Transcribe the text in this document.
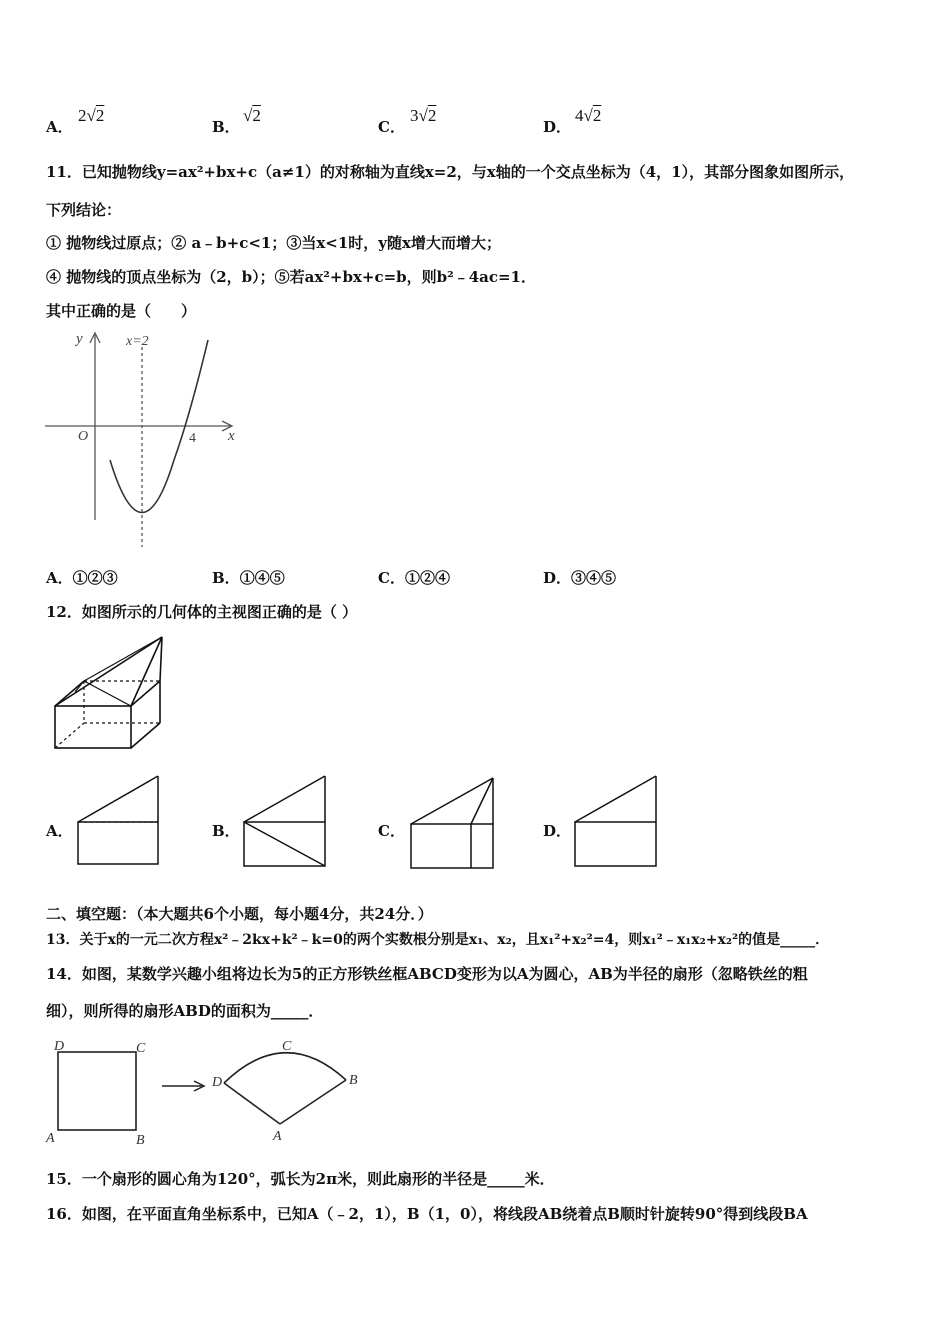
A．
2√2
B．
√2
C．
3√2
D．
4√2
11．已知抛物线y=ax²+bx+c（a≠1）的对称轴为直线x=2，与x轴的一个交点坐标为（4，1），其部分图象如图所示，
下列结论：
① 抛物线过原点；② a﹣b+c<1；③当x<1时，y随x增大而增大；
④ 抛物线的顶点坐标为（2，b）；⑤若ax²+bx+c=b，则b²﹣4ac=1．
其中正确的是（　　）
y	x=2
O	4 x
A．①②③	B．①④⑤	C．①②④	D．③④⑤
12．如图所示的几何体的主视图正确的是（ ）
A．	B．	C．	D．
二、填空题：（本大题共6个小题，每小题4分，共24分．）
13．关于x的一元二次方程x²﹣2kx+k²﹣k=0的两个实数根分别是x₁、x₂，且x₁²+x₂²=4，则x₁²﹣x₁x₂+x₂²的值是_____．
14．如图，某数学兴趣小组将边长为5的正方形铁丝框ABCD变形为以A为圆心，AB为半径的扇形（忽略铁丝的粗
细），则所得的扇形ABD的面积为_____．
D	C
A	B
C
D	B
A
15．一个扇形的圆心角为120°，弧长为2π米，则此扇形的半径是_____米．
16．如图，在平面直角坐标系中，已知A（﹣2，1），B（1，0），将线段AB绕着点B顺时针旋转90°得到线段BA
